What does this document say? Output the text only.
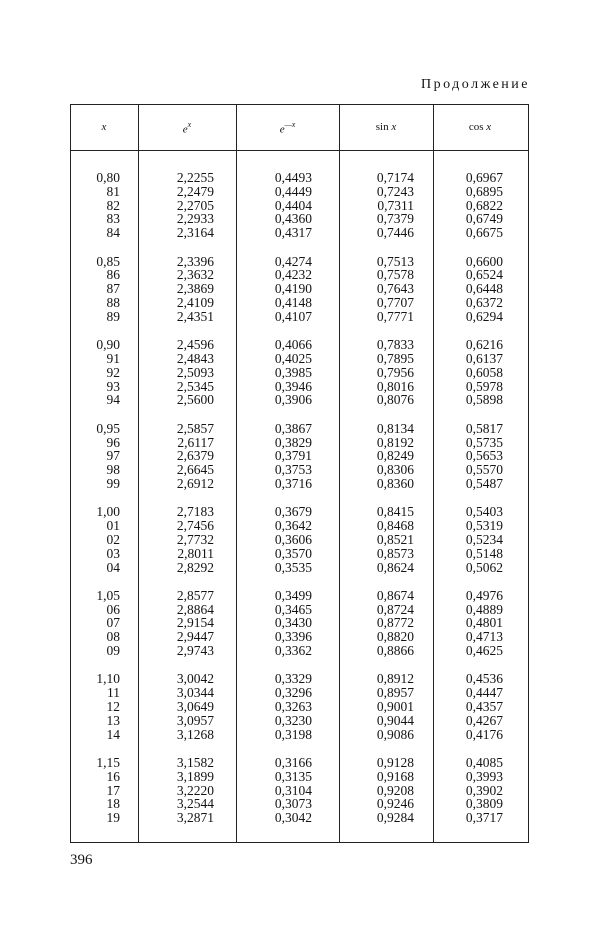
Продолжение
x	$e^x$	$e^{—x}$	sin x	cos x
0,80	2,2255	0,4493	0,7174	0,6967
81	2,2479	0,4449	0,7243	0,6895
82	2,2705	0,4404	0,7311	0,6822
83	2,2933	0,4360	0,7379	0,6749
84	2,3164	0,4317	0,7446	0,6675
0,85	2,3396	0,4274	0,7513	0,6600
86	2,3632	0,4232	0,7578	0,6524
87	2,3869	0,4190	0,7643	0,6448
88	2,4109	0,4148	0,7707	0,6372
89	2,4351	0,4107	0,7771	0,6294
0,90	2,4596	0,4066	0,7833	0,6216
91	2,4843	0,4025	0,7895	0,6137
92	2,5093	0,3985	0,7956	0,6058
93	2,5345	0,3946	0,8016	0,5978
94	2,5600	0,3906	0,8076	0,5898
0,95	2,5857	0,3867	0,8134	0,5817
96	2,6117	0,3829	0,8192	0,5735
97	2,6379	0,3791	0,8249	0,5653
98	2,6645	0,3753	0,8306	0,5570
99	2,6912	0,3716	0,8360	0,5487
1,00	2,7183	0,3679	0,8415	0,5403
01	2,7456	0,3642	0,8468	0,5319
02	2,7732	0,3606	0,8521	0,5234
03	2,8011	0,3570	0,8573	0,5148
04	2,8292	0,3535	0,8624	0,5062
1,05	2,8577	0,3499	0,8674	0,4976
06	2,8864	0,3465	0,8724	0,4889
07	2,9154	0,3430	0,8772	0,4801
08	2,9447	0,3396	0,8820	0,4713
09	2,9743	0,3362	0,8866	0,4625
1,10	3,0042	0,3329	0,8912	0,4536
11	3,0344	0,3296	0,8957	0,4447
12	3,0649	0,3263	0,9001	0,4357
13	3,0957	0,3230	0,9044	0,4267
14	3,1268	0,3198	0,9086	0,4176
1,15	3,1582	0,3166	0,9128	0,4085
16	3,1899	0,3135	0,9168	0,3993
17	3,2220	0,3104	0,9208	0,3902
18	3,2544	0,3073	0,9246	0,3809
19	3,2871	0,3042	0,9284	0,3717
396
